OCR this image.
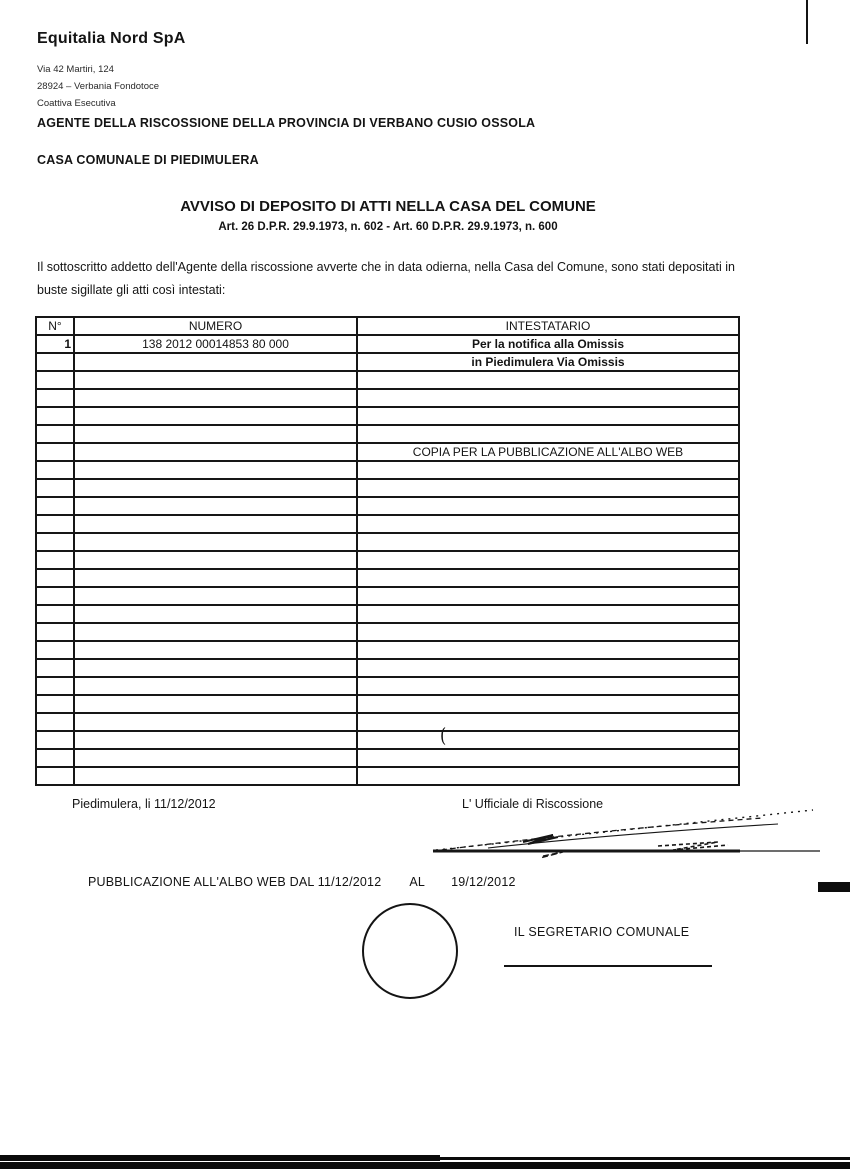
Equitalia Nord SpA
Via 42 Martiri, 124
28924 – Verbania Fondotoce
Coattiva Esecutiva
AGENTE DELLA RISCOSSIONE DELLA PROVINCIA DI VERBANO CUSIO OSSOLA
CASA COMUNALE DI PIEDIMULERA
AVVISO DI DEPOSITO DI ATTI NELLA CASA DEL COMUNE
Art. 26 D.P.R. 29.9.1973, n. 602 - Art. 60 D.P.R. 29.9.1973, n. 600
Il sottoscritto addetto dell'Agente della riscossione avverte che in data odierna, nella Casa del Comune, sono stati depositati in buste sigillate gli atti così intestati:
N°	NUMERO	INTESTATARIO
1	138 2012 00014853 80 000	Per la notifica alla Omissis
		in Piedimulera Via Omissis

		COPIA PER LA PUBBLICAZIONE ALL'ALBO WEB

(
Piedimulera, li 11/12/2012	L' Ufficiale di Riscossione
PUBBLICAZIONE ALL'ALBO WEB DAL 11/12/2012 AL 19/12/2012
IL SEGRETARIO COMUNALE
